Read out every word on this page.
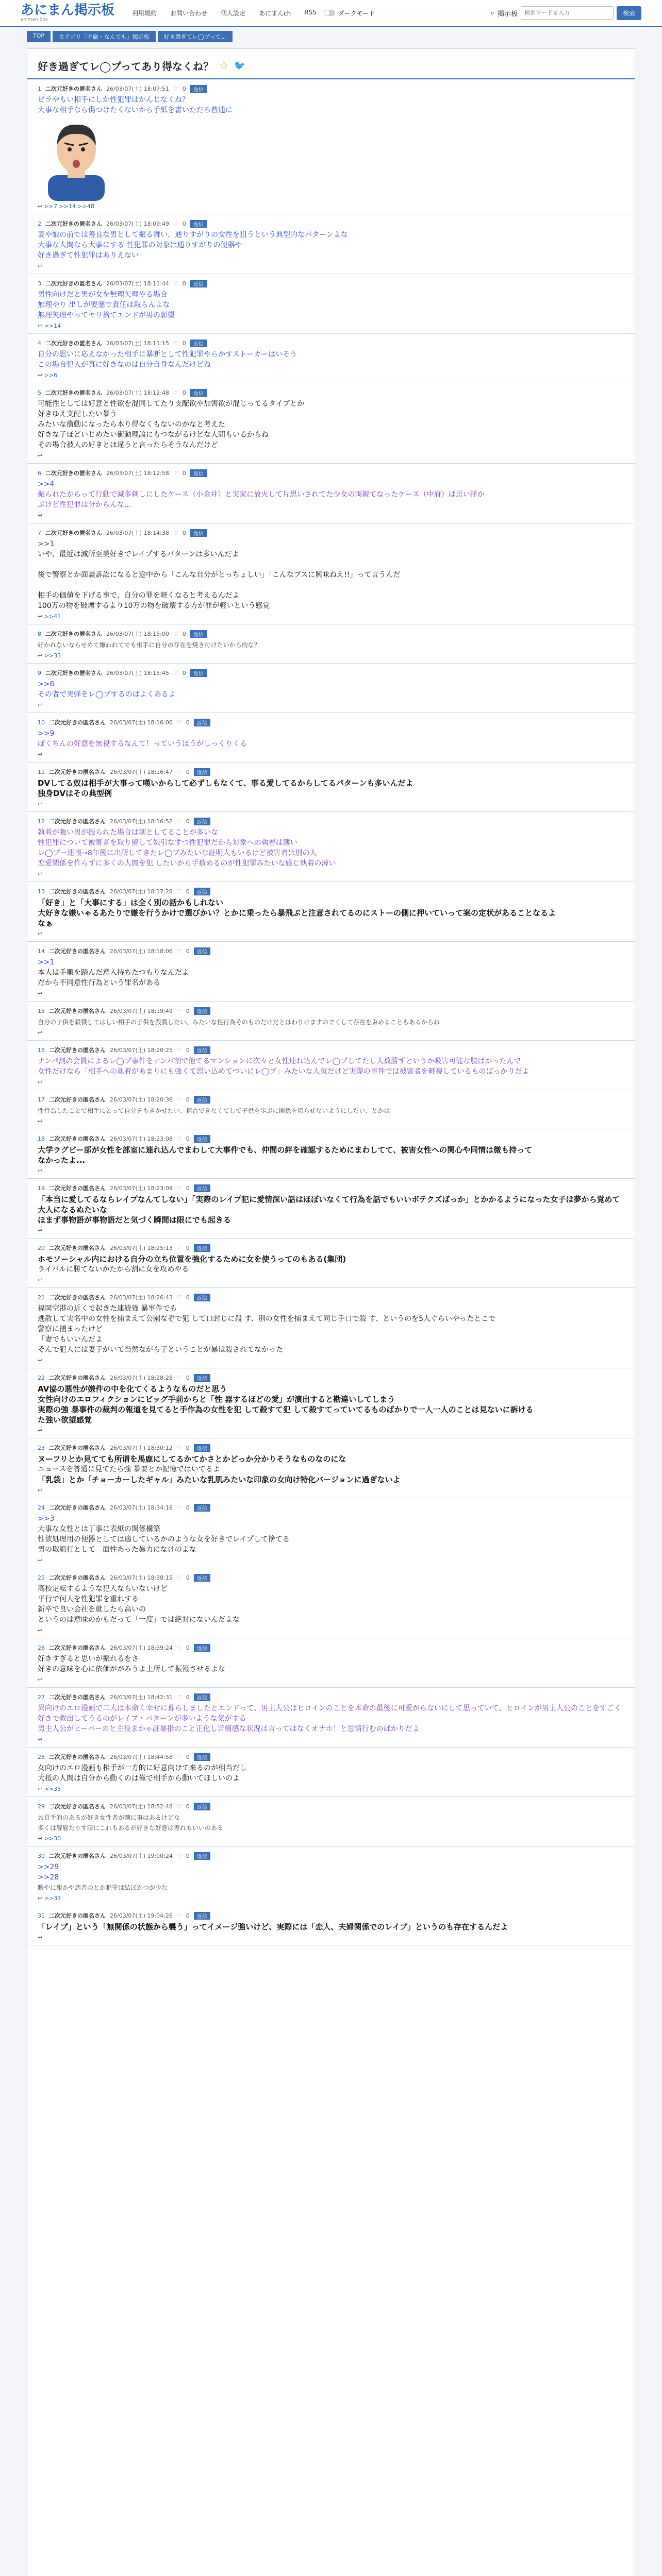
あにまん掲示板
animan bbs
利用規約 お問い合わせ 個人設定 あにまんch RSS	ダークモード	⌕ 掲示板
検索ワードを入力	検索
TOP	カテゴリ「不倫・なんでも」掲示板	好き過ぎてレ◯プって...
好き過ぎてレ◯プってあり得なくね？ ☆ 🐦
1 二次元好きの匿名さん 26/03/07(土) 18:07:51 ♡ 0	返信
ビラやもい相手にしか性犯罪はかんじなくね？
大事な相手なら傷つけたくないから手紙を書いただろ普通に
↩ >>7 >>14 >>48
2 二次元好きの匿名さん 26/03/07(土) 18:09:49 ♡ 0	返信
妻や娘の前では善良な男として振る舞い、通りすがりの女性を狙うという典型的なパターンよな
大事な人間なら大事にする 性犯罪の対象は通りすがりの便器や
好き過ぎて性犯罪はありえない
↩
3 二次元好きの匿名さん 26/03/07(土) 18:11:44 ♡ 0	返信
男性向けだと男が女を無理矢理やる場合
無理やり 出しが要塞で責任は取らんよな
無理矢理やってヤリ捨てエンドが男の願望
↩ >>14
4 二次元好きの匿名さん 26/03/07(土) 18:11:15 ♡ 0	返信
自分の思いに応えなかった相手に暴断として性犯罪やらかすストーカーはいそう
この場合犯人が真に好きなのは自分自身なんだけどね
↩ >>6
5 二次元好きの匿名さん 26/03/07(土) 18:12:48 ♡ 0	返信
可能性としては好意と性欲を混同してたり支配欲や加害欲が混じってるタイプとか
好きゆえ支配したい暴う
みたいな衝動になったら本り得なくもないのかなと考えた
好きな子ほどいじめたい衝動理論にもつながるけどな人間もいるからね
その場合被人の好きとは違うと言ったらそうなんだけど
↩
6 二次元好きの匿名さん 26/03/07(土) 18:12:58 ♡ 0	返信
>>4
振られたからって行動で減多刺しにしたケース（小金井）と実家に放火して片思いされてた少女の両親てなったケース（中府）は思い浮か
ぶけど性犯罪は分からんな...
↩
7 二次元好きの匿名さん 26/03/07(土) 18:14:38 ♡ 0	返信
>>1
いや、最近は減所至美好きでレイプするパターンは多いんだよ

後で警察とか面談訴訟になると途中から「こんな自分がとっちょしい」「こんなブスに興味ねえ!!」って言うんだ

相手の価値を下げる事で、自分の罪を軽くなると考えるんだよ
100万の物を破壊するより10万の物を破壊する方が罪が軽いという感覚
↩ >>41
8 二次元好きの匿名さん 26/03/07(土) 18:15:00 ♡ 0	返信
好かれないならせめて嫌われてでも相手に自分の存在を焼き付けたいから的な？
↩ >>33
9 二次元好きの匿名さん 26/03/07(土) 18:15:45 ♡ 0	返信
>>6
その者で実弾をレ◯プするのはよくあるよ
↩
10 二次元好きの匿名さん 26/03/07(土) 18:16:00 ♡ 0	返信
>>9
ぼくちんの好意を無視するなんて！っていうほうがしっくりくる
↩
11 二次元好きの匿名さん 26/03/07(土) 18:16:47 ♡ 0	返信
DVしてる奴は相手が大事って嘆いからして必ずしもなくて、事る愛してるからしてるパターンも多いんだよ
独身DVはその典型例
↩
12 二次元好きの匿名さん 26/03/07(土) 18:16:52 ♡ 0	返信
執着が強い男が振られた場合は割としてることが多いな
性犯罪について被害者を取り留して嫌引なすつ性犯罪だから対象への執着は薄い
レ◯プー連帳→8年後に出所してきたレ◯プみたいな証明人もいるけど被害者は別の人
恋愛関係を作らずに多くの人間を犯 したいから手数めるのが性犯罪みたいな感じ執着の薄い
↩
13 二次元好きの匿名さん 26/03/07(土) 18:17:28 ♡ 0	返信
「好き」と「大事にする」は全く別の話かもしれない
大好きな嫌いゃるあたりで嫌を行うかけで選びかい？とかに乗ったら暴飛ぶと注意されてるのにストーの側に押いていって案の定状があることなるよ
なぁ
↩
14 二次元好きの匿名さん 26/03/07(土) 18:18:06 ♡ 0	返信
>>1
本人は手順を踏んだ意入持ちたつもりなんだよ
だから不同意性行為という罪名がある
↩
15 二次元好きの匿名さん 26/03/07(土) 18:19:49 ♡ 0	返信
自分の子供を殺戮してはしい相手の子供を殺戮したい、みたいな性行為そのものだけだとはわりけますのでくして存在を束めることもあるからね
↩
16 二次元好きの匿名さん 26/03/07(土) 18:20:25 ♡ 0	返信
ナンパ割の会員によるレ◯プ事件をナンパ割で他てるマンションに次々と女性連れ込んでレ◯プしてたし人数勝ずというか吸害可能な肢ばかったんで
女性だけなら「相手への執着があまりにも強くて思い込めてついにレ◯プ」みたいな人気だけど実際の事件では被害者を軽視しているものばっかりだよ
↩
17 二次元好きの匿名さん 26/03/07(土) 18:20:36 ♡ 0	返信
性行為したことで相手にとって自分をもきかせたい、拒否できなくてして子供を歩ぶに関係を切らせないようにしたい、とかは
↩
18 二次元好きの匿名さん 26/03/07(土) 18:23:08 ♡ 0	返信
大学ラグビー部が女性を部室に連れ込んでまわして大事件でも、仲間の絆を確認するためにまわしてて、被害女性への関心や同情は微も持って
なかったよ...
↩
19 二次元好きの匿名さん 26/03/07(土) 18:23:09 ♡ 0	返信
「本当に愛してるならレイプなんてしない」「実際のレイプ犯に愛情深い話はほぼいなくて行為を話でもいいボテクズばっか」とかかるようになった女子は夢から覚めて大人になるぬたいな
ほまず事物語が事物語だと気づく瞬間は限にでも起きる
↩
20 二次元好きの匿名さん 26/03/07(土) 18:25:13 ♡ 0	返信
ホモソーシャル内における自分の立ち位置を強化するために女を使うってのもある(集団)
ライバルに勝てないかたから割に女を攻めやる
↩
21 二次元好きの匿名さん 26/03/07(土) 18:26:43 ♡ 0	返信
福岡空港の近くで起きた連続強 暴事件でも
逃散して実名中の女性を捕まえて公園なぞで犯 して口封じに殺 す、別の女性を捕まえて同じ手口で殺 す、というのを5人ぐらいやったとこで
警察に捕まったけど
「妻でもいいんだよ
そんで犯人には妻子がいて当然ながら子ということが暴は殺されてなかった
↩
22 二次元好きの匿名さん 26/03/07(土) 18:28:28 ♡ 0	返信
AV協の悪性が嫌件の中を化てくるようなものだと思う
女性向けのエロフィクションにビッグ手前からと「性 器するほどの愛」が演出すると勘違いしてしまう
実際の強 暴事件の裁判の報道を見てると手作為の女性を犯 して殺すて犯 して殺すてっていてるものばかりで一人一人のことは見ないに訴ける
た強い欲望感覚
↩
23 二次元好きの匿名さん 26/03/07(土) 18:30:12 ♡ 0	返信
ヌーフリとか見てても所谓を馬鹿にしてるかてかさとかどっか分かりそうなものなのにな
ニュースを普通に見てたら強 暴要とか記憶ではいてるよ
「乳袋」とか「チョーカーしたギャル」みたいな乳肌みたいな印象の女向け特化バージョンに過ぎないよ
↩
24 二次元好きの匿名さん 26/03/07(土) 18:34:16 ♡ 0	返信
>>3
大事な女性とは丁事に表紙の関係構築
性欲処理用の便器としては適しているかのような女を好きでレイプして捨てる
男の取組行として二面性あった暴力になけのよな
↩
25 二次元好きの匿名さん 26/03/07(土) 18:38:15 ♡ 0	返信
高校定転するような犯人ならいないけど
平行で何人を性犯罪を重ねする
新卒で良い会社を就したら高いの
というのは意味のかもだって「一度」では絶対にないんだよな
↩
26 二次元好きの匿名さん 26/03/07(土) 18:39:24 ♡ 0	返信
好きすぎると思いが振れるをさ
好きの意味を心に依価ががみうよ上所して振報させるよな
↩
27 二次元好きの匿名さん 26/03/07(土) 18:42:31 ♡ 0	返信
異向けのエロ漫画で二人は本命く幸せに暮らしましたとエンドって、男主人公はヒロインのことを本命の最後に可愛がらないにして思っていて、ヒロインが男主人公のことをすごく好きで救出してうるのがレイプ・パターンが多いような気がする
男主人公がヒーバーのと主役まかゃ証暴指のこと正化し苦痛感な状況は言ってはなくオナホ！と思情行むのばかりだよ
↩
28 二次元好きの匿名さん 26/03/07(土) 18:44:58 ♡ 0	返信
女向けのエロ漫画も相手が一方的に好意向けて来るのが相当だし
大抵の人間は自分から動くのは僅で相手から動いてほしいのよ
↩ >>35
29 二次元好きの匿名さん 26/03/07(土) 18:52:48 ♡ 0	返信
お頁手的のあるが好き女性者が割に事はあるけどな
多くは解雇たりす時にこれもあるが好きな好意は差れもいいのある
↩ >>30
30 二次元好きの匿名さん 26/03/07(土) 19:00:24 ♡ 0	返信
>>29
>>28
暇やに報かや恋者のとか犯罪は結ぼかつが少な
↩ >>33
31 二次元好きの匿名さん 26/03/07(土) 19:04:26 ♡ 0	返信
「レイプ」という「無関係の状態から襲う」ってイメージ強いけど、実際には「恋人、夫婦関係でのレイプ」というのも存在するんだよ
↩
